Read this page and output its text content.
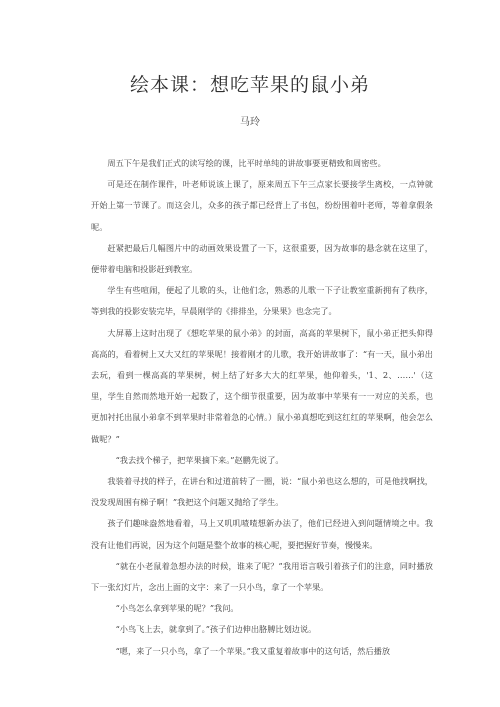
绘本课：想吃苹果的鼠小弟
马玲

周五下午是我们正式的读写绘的课，比平时单纯的讲故事要更精致和周密些。

可是还在制作课件，叶老师说该上课了，原来周五下午三点家长要接学生离校，一点钟就开始上第一节课了。而这会儿，众多的孩子都已经背上了书包，纷纷围着叶老师，等着拿假条呢。

赶紧把最后几幅图片中的动画效果设置了一下，这很重要，因为故事的悬念就在这里了，便带着电脑和投影赶到教室。

学生有些喧闹，便起了儿歌的头，让他们念，熟悉的儿歌一下子让教室重新拥有了秩序，等到我的投影安装完毕，早晨刚学的《排排坐，分果果》也念完了。

大屏幕上这时出现了《想吃苹果的鼠小弟》的封面，高高的苹果树下，鼠小弟正把头仰得高高的，看着树上又大又红的苹果呢！接着刚才的儿歌，我开始讲故事了：“有一天，鼠小弟出去玩，看到一棵高高的苹果树，树上结了好多大大的红苹果，他仰着头，'1、2、……'（这里，学生自然而然地开始一起数了，这个细节很重要，因为故事中苹果有一一对应的关系，也更加衬托出鼠小弟拿不到苹果时非常着急的心情。）鼠小弟真想吃到这红红的苹果啊，他会怎么做呢？”

“我去找个梯子，把苹果摘下来。”赵鹏先说了。

我装着寻找的样子，在讲台和过道前转了一圈，说：“鼠小弟也这么想的，可是他找啊找，没发现周围有梯子啊！”我把这个问题又抛给了学生。

孩子们趣味盎然地看着，马上又叽叽喳喳想新办法了，他们已经进入到问题情境之中。我没有让他们再说，因为这个问题是整个故事的核心呢，要把握好节奏，慢慢来。

“就在小老鼠着急想办法的时候，谁来了呢？”我用语言吸引着孩子们的注意，同时播放下一张幻灯片，念出上面的文字：来了一只小鸟，拿了一个苹果。

“小鸟怎么拿到苹果的呢？”我问。

“小鸟飞上去，就拿到了。”孩子们边伸出胳膊比划边说。

“嗯，来了一只小鸟，拿了一个苹果。”我又重复着故事中的这句话，然后播放
